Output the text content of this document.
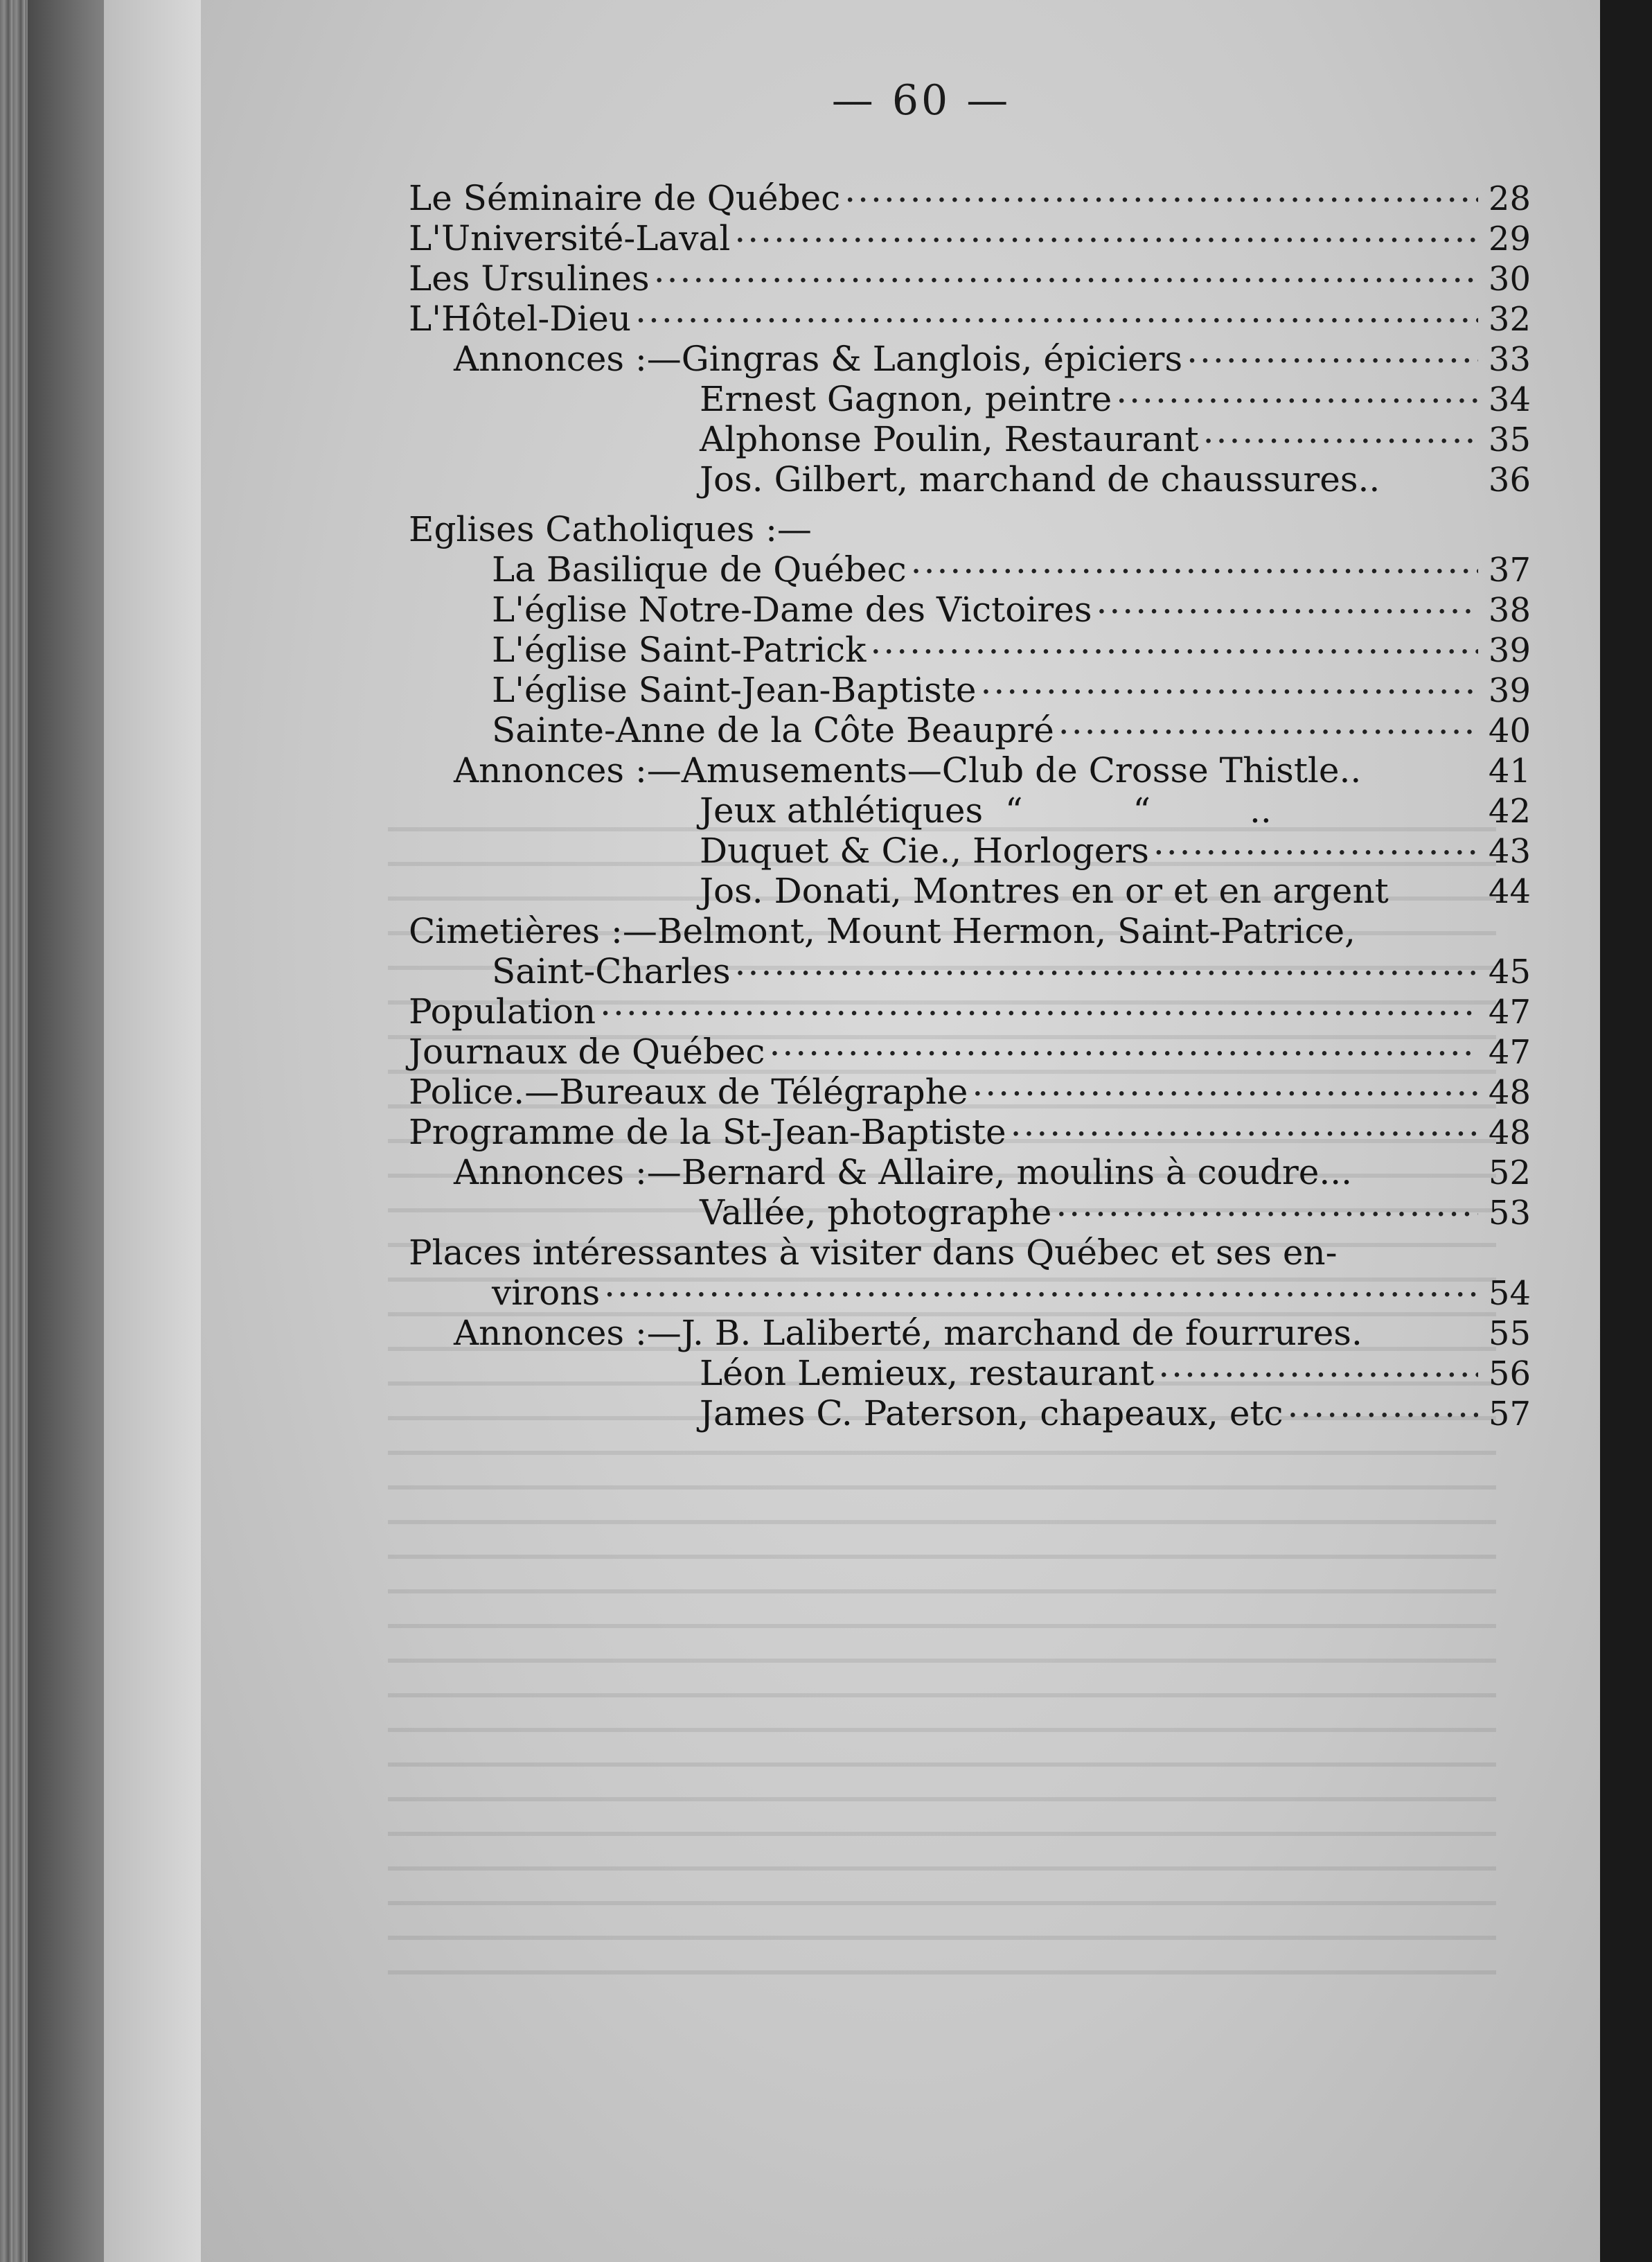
— 60 —
Le Séminaire de Québec .....	28
L'Université-Laval .....	29
Les Ursulines .....	30
L'Hôtel-Dieu .....	32
Annonces :—Gingras & Langlois, épiciers .....	33
Ernest Gagnon, peintre .....	34
Alphonse Poulin, Restaurant .....	35
Jos. Gilbert, marchand de chaussures..	36
Eglises Catholiques :—
La Basilique de Québec .....	37
L'église Notre-Dame des Victoires .....	38
L'église Saint-Patrick .....	39
L'église Saint-Jean-Baptiste .....	39
Sainte-Anne de la Côte Beaupré .....	40
Annonces :—Amusements—Club de Crosse Thistle..	41
Jeux athlétiques  “          “         ..	42
Duquet & Cie., Horlogers .....	43
Jos. Donati, Montres en or et en argent	44
Cimetières :—Belmont, Mount Hermon, Saint-Patrice,
Saint-Charles .....	45
Population .....	47
Journaux de Québec .....	47
Police.—Bureaux de Télégraphe .....	48
Programme de la St-Jean-Baptiste .....	48
Annonces :—Bernard & Allaire, moulins à coudre...	52
Vallée, photographe .....	53
Places intéressantes à visiter dans Québec et ses en-
virons .....	54
Annonces :—J. B. Laliberté, marchand de fourrures.	55
Léon Lemieux, restaurant .....	56
James C. Paterson, chapeaux, etc .....	57
